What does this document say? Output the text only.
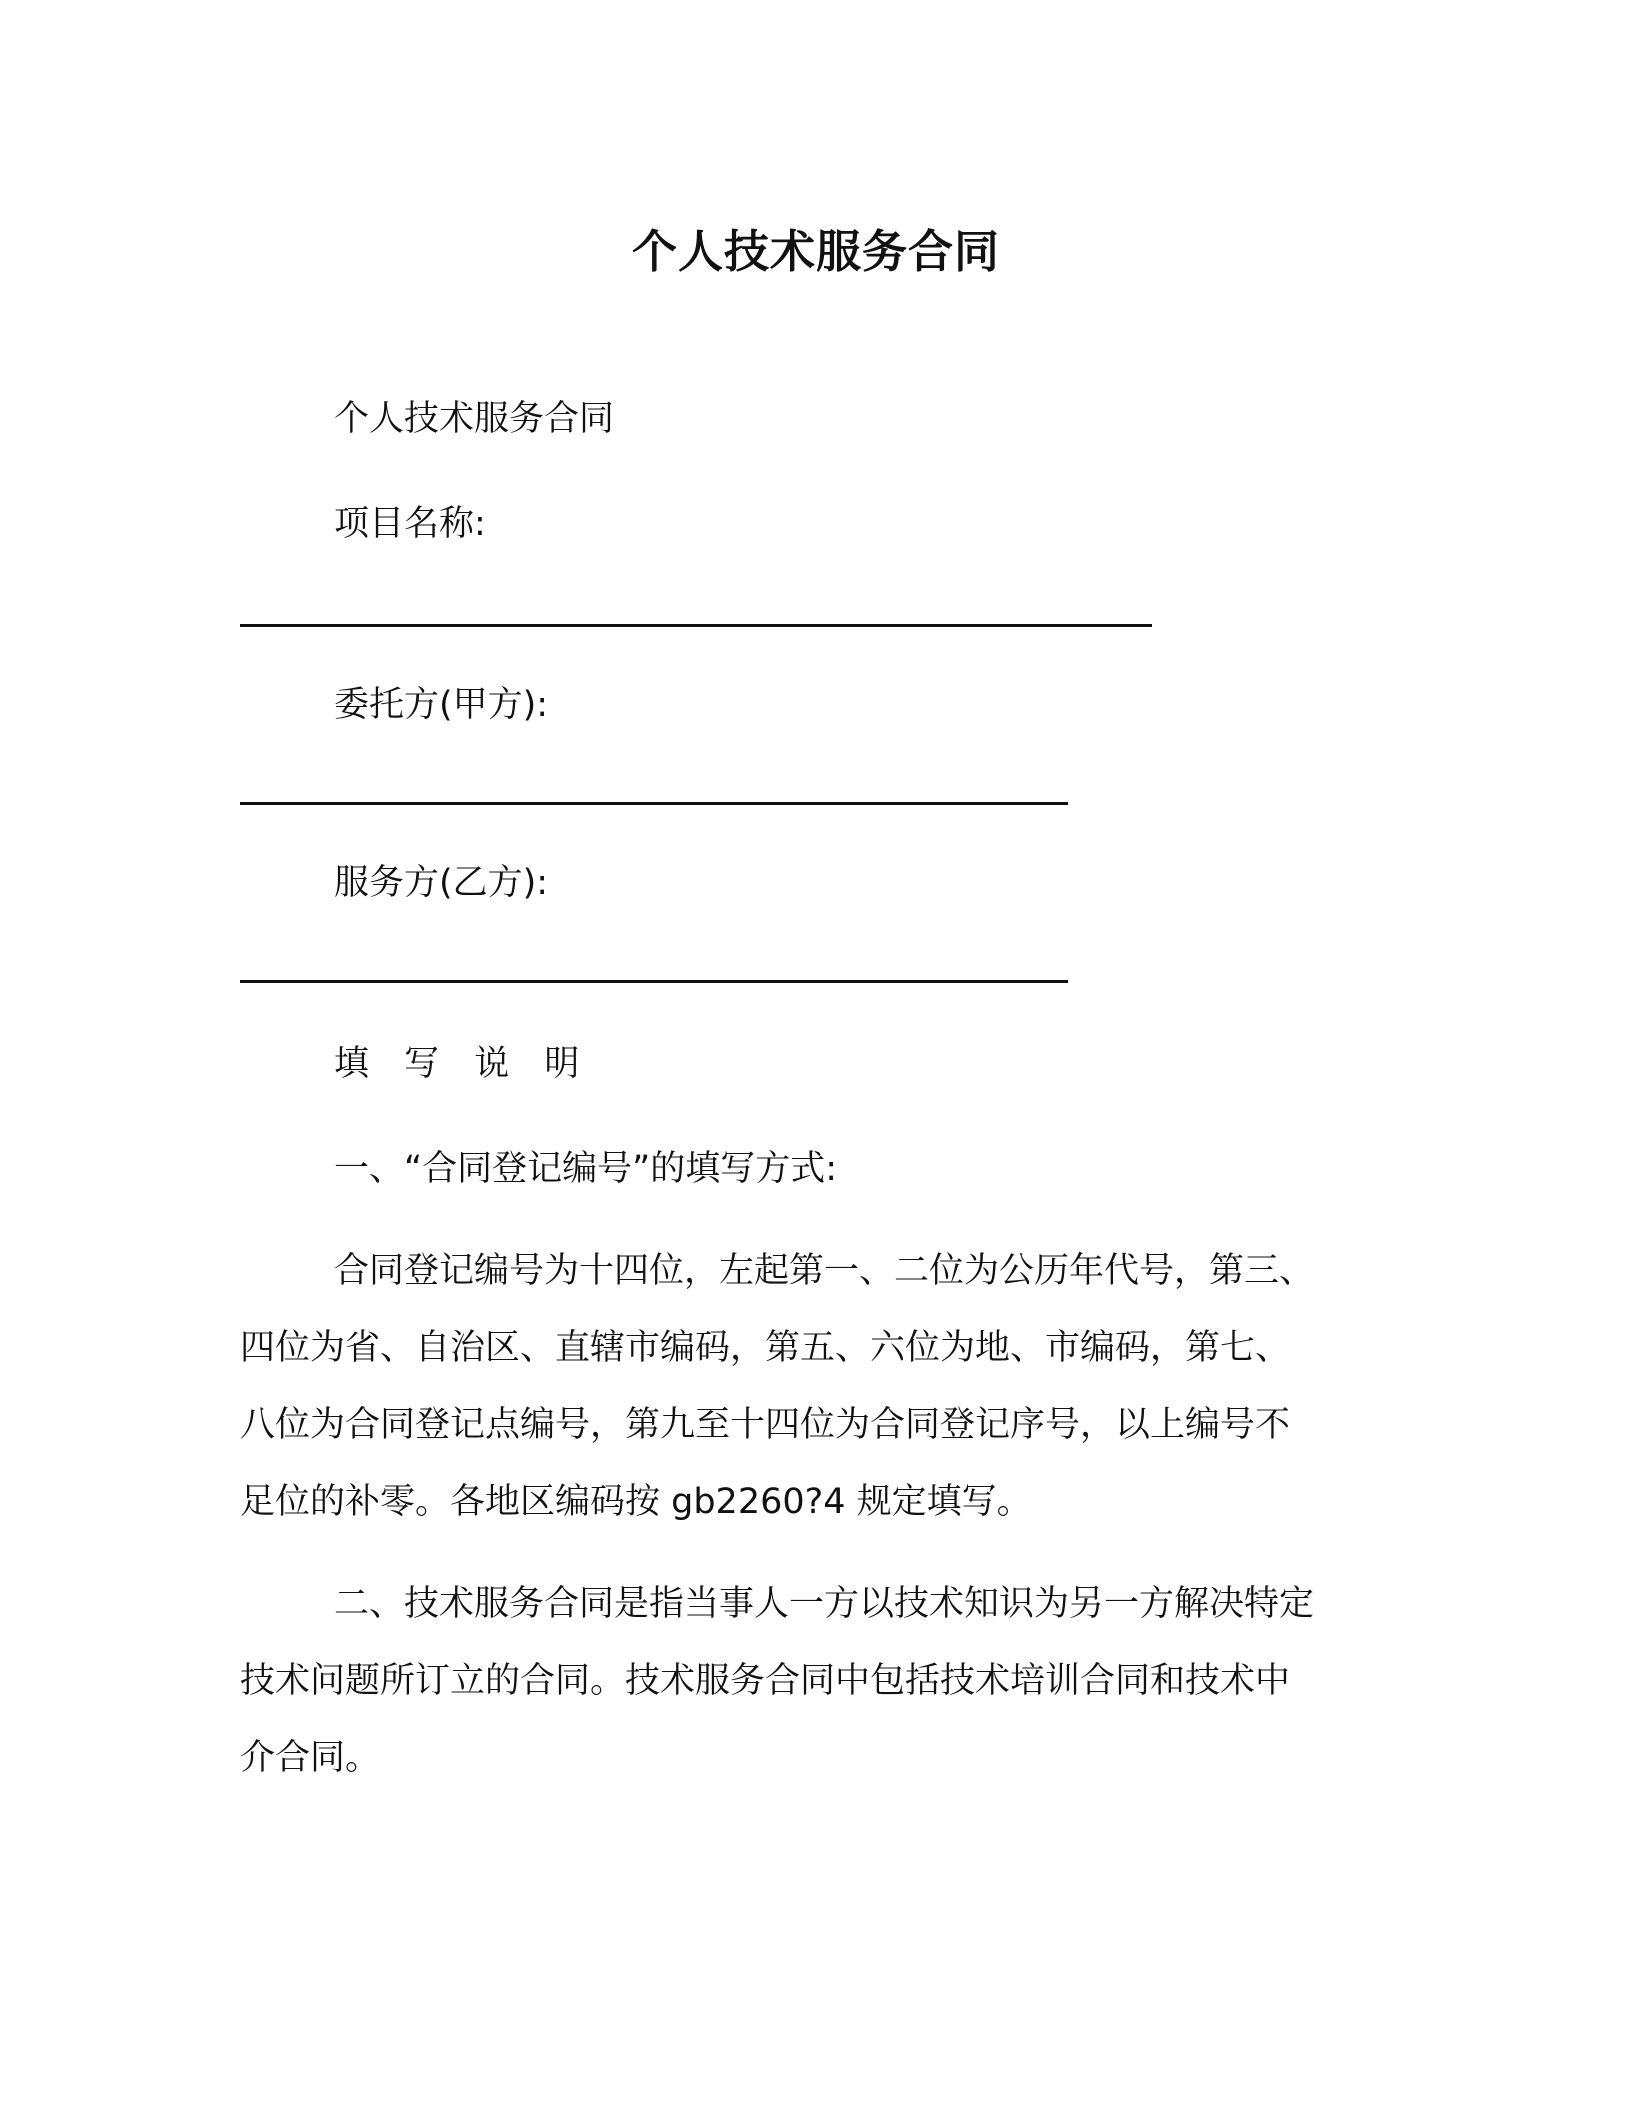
个人技术服务合同
个人技术服务合同
项目名称:
委托方(甲方):
服务方(乙方):
填 写 说 明
一、“合同登记编号”的填写方式:
合同登记编号为十四位，左起第一、二位为公历年代号，第三、
四位为省、自治区、直辖市编码，第五、六位为地、市编码，第七、
八位为合同登记点编号，第九至十四位为合同登记序号，以上编号不
足位的补零。各地区编码按 gb2260?4 规定填写。
二、技术服务合同是指当事人一方以技术知识为另一方解决特定
技术问题所订立的合同。技术服务合同中包括技术培训合同和技术中
介合同。
